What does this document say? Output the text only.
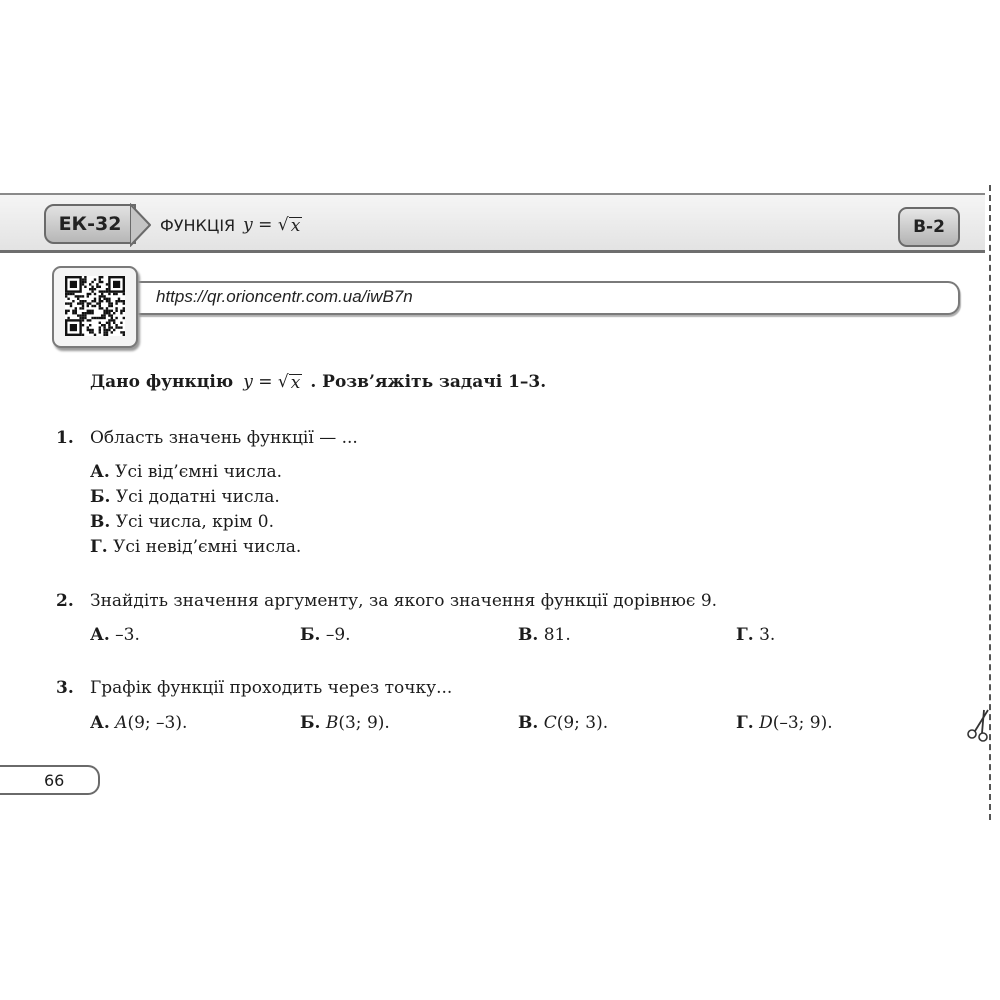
ЕК-32	ФУНКЦІЯ y = √ x	В-2
https://qr.orioncentr.com.ua/iwB7n
Дано функцію y = √ x . Розв’яжіть задачі 1–3.
1. Область значень функції — ...
А. Усі від’ємні числа.
Б. Усі додатні числа.
В. Усі числа, крім 0.
Г. Усі невід’ємні числа.
2. Знайдіть значення аргументу, за якого значення функції дорівнює 9.
А. –3.	Б. –9.	В. 81.	Г. 3.
3. Графік функції проходить через точку...
А. A(9; –3).	Б. B(3; 9).	В. C(9; 3).	Г. D(–3; 9).
66
